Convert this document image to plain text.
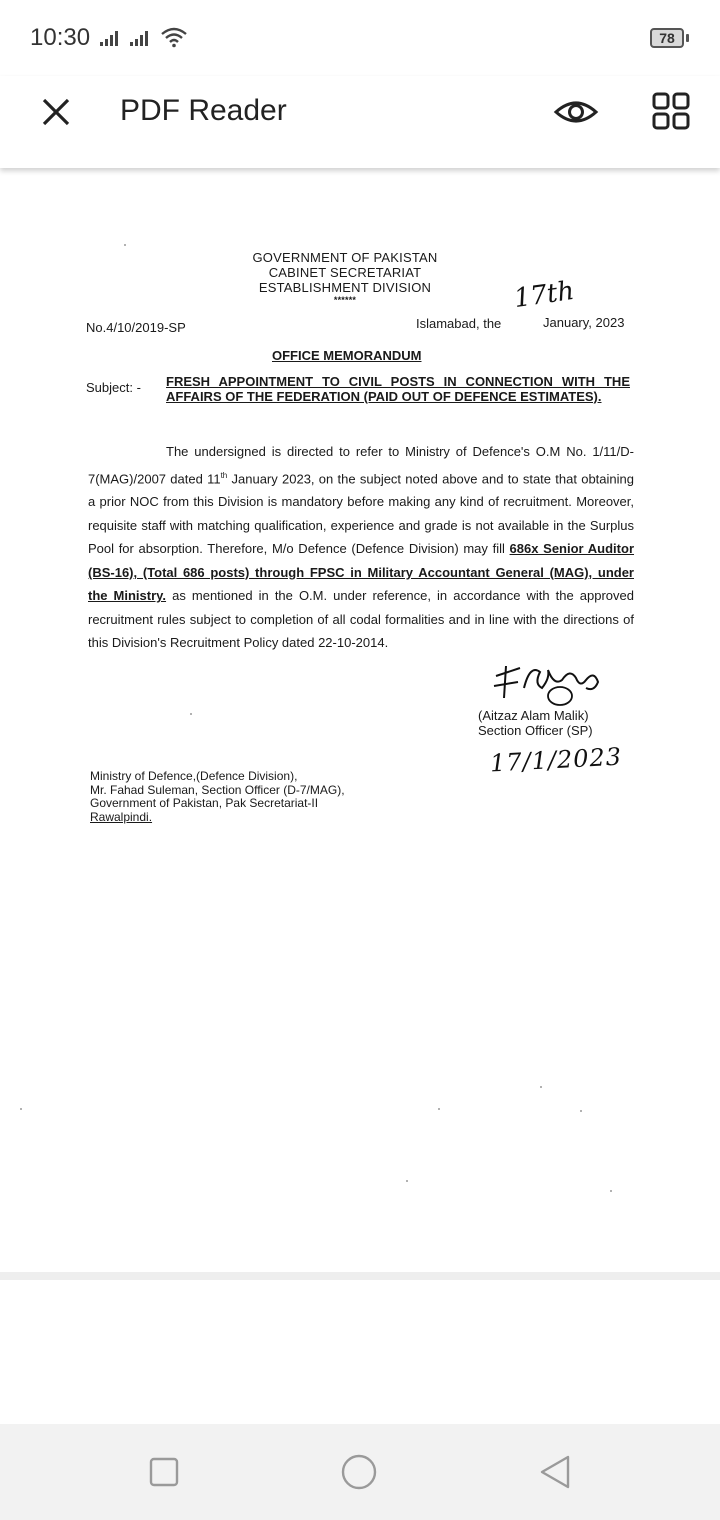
10:30	78
PDF Reader
GOVERNMENT OF PAKISTAN
CABINET SECRETARIAT
ESTABLISHMENT DIVISION
******
No.4/10/2019-SP	Islamabad, the
17th
January, 2023
OFFICE MEMORANDUM
Subject: - FRESH APPOINTMENT TO CIVIL POSTS IN CONNECTION WITH THE AFFAIRS OF THE FEDERATION (PAID OUT OF DEFENCE ESTIMATES).
The undersigned is directed to refer to Ministry of Defence's O.M No. 1/11/D-7(MAG)/2007 dated 11th January 2023, on the subject noted above and to state that obtaining a prior NOC from this Division is mandatory before making any kind of recruitment. Moreover, requisite staff with matching qualification, experience and grade is not available in the Surplus Pool for absorption. Therefore, M/o Defence (Defence Division) may fill 686x Senior Auditor (BS-16), (Total 686 posts) through FPSC in Military Accountant General (MAG), under the Ministry. as mentioned in the O.M. under reference, in accordance with the approved recruitment rules subject to completion of all codal formalities and in line with the directions of this Division's Recruitment Policy dated 22-10-2014.
(Aitzaz Alam Malik)
Section Officer (SP)
17/1/2023
Ministry of Defence,(Defence Division),
Mr. Fahad Suleman, Section Officer (D-7/MAG),
Government of Pakistan, Pak Secretariat-II
Rawalpindi.
